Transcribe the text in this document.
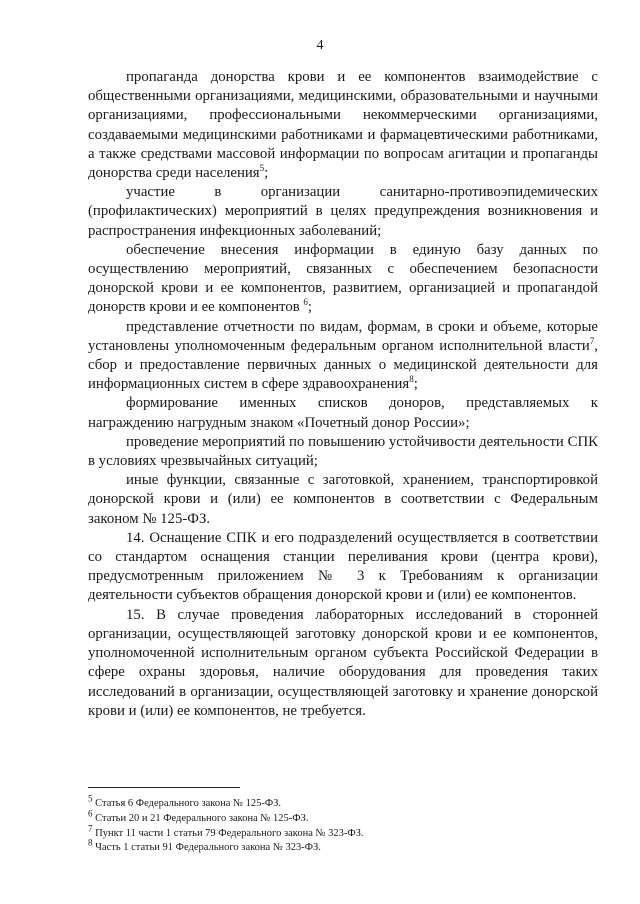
4

пропаганда донорства крови и ее компонентов взаимодействие с общественными организациями, медицинскими, образовательными и научными организациями, профессиональными некоммерческими организациями, создаваемыми медицинскими работниками и фармацевтическими работниками, а также средствами массовой информации по вопросам агитации и пропаганды донорства среди населения$^5$;

участие в организации санитарно-противоэпидемических (профилактических) мероприятий в целях предупреждения возникновения и распространения инфекционных заболеваний;

обеспечение внесения информации в единую базу данных по осуществлению мероприятий, связанных с обеспечением безопасности донорской крови и ее компонентов, развитием, организацией и пропагандой донорств крови и ее компонентов $^6$;

представление отчетности по видам, формам, в сроки и объеме, которые установлены уполномоченным федеральным органом исполнительной власти$^7$, сбор и предоставление первичных данных о медицинской деятельности для информационных систем в сфере здравоохранения$^8$;

формирование именных списков доноров, представляемых к награждению нагрудным знаком «Почетный донор России»;

проведение мероприятий по повышению устойчивости деятельности СПК в условиях чрезвычайных ситуаций;

иные функции, связанные с заготовкой, хранением, транспортировкой донорской крови и (или) ее компонентов в соответствии с Федеральным законом № 125-ФЗ.

14. Оснащение СПК и его подразделений осуществляется в соответствии со стандартом оснащения станции переливания крови (центра крови), предусмотренным приложением № 3 к Требованиям к организации деятельности субъектов обращения донорской крови и (или) ее компонентов.

15. В случае проведения лабораторных исследований в сторонней организации, осуществляющей заготовку донорской крови и ее компонентов, уполномоченной исполнительным органом субъекта Российской Федерации в сфере охраны здоровья, наличие оборудования для проведения таких исследований в организации, осуществляющей заготовку и хранение донорской крови и (или) ее компонентов, не требуется.

$^5$ Статья 6 Федерального закона № 125-ФЗ.
$^6$ Статьи 20 и 21 Федерального закона № 125-ФЗ.
$^7$ Пункт 11 части 1 статьи 79 Федерального закона № 323-ФЗ.
$^8$ Часть 1 статьи 91 Федерального закона № 323-ФЗ.
